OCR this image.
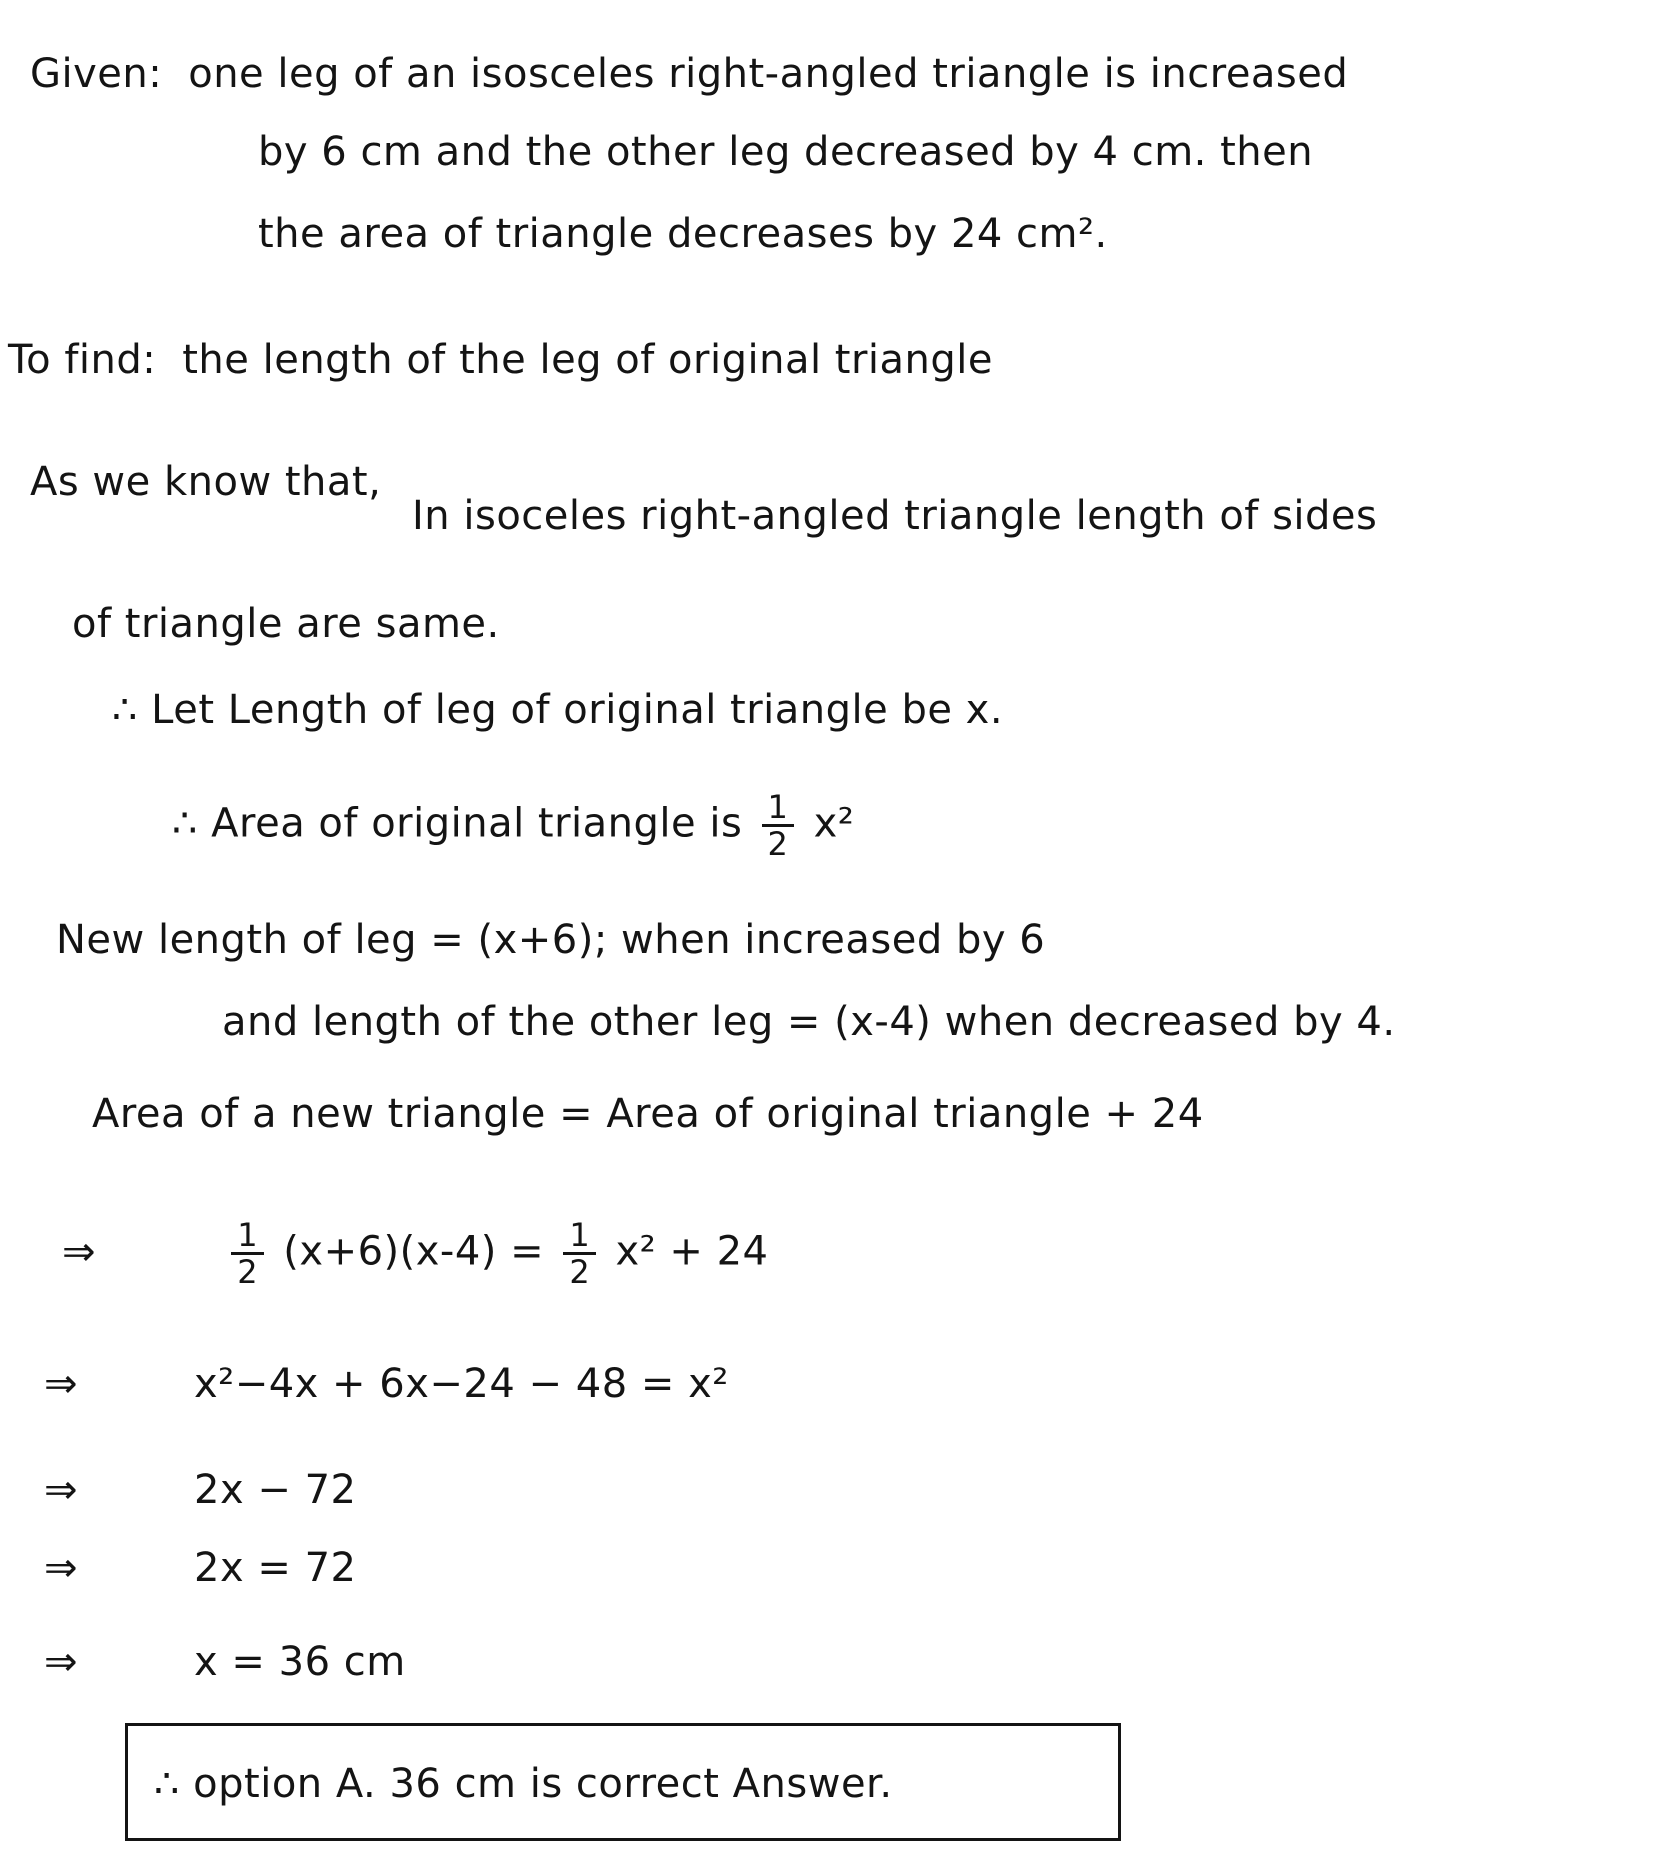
Given: one leg of an isosceles right-angled triangle is increased
by 6 cm and the other leg decreased by 4 cm. then
the area of triangle decreases by 24 cm².
To find: the length of the leg of original triangle
As we know that,
In isoceles right-angled triangle length of sides
of triangle are same.
∴ Let Length of leg of original triangle be x.
∴ Area of original triangle is $\frac{1}{2} x^2$
New length of leg = (x+6); when increased by 6
and length of the other leg = (x-4) when decreased by 4.
Area of a new triangle = Area of original triangle + 24
⇒	$\frac{1}{2} (x+6)(x-4) = \frac{1}{2} x^2 + 24$
⇒	x²−4x + 6x−24 − 48 = x²
⇒	2x − 72
⇒	2x = 72
⇒	x = 36 cm
∴ option A. 36 cm is correct Answer.
